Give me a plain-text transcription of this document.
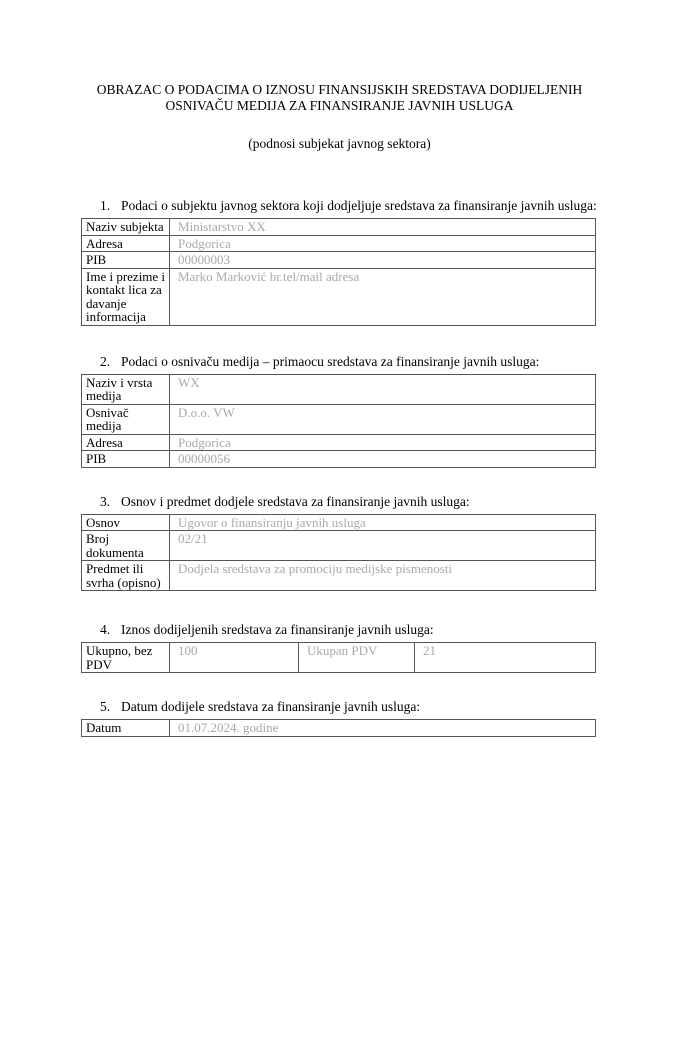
OBRAZAC O PODACIMA O IZNOSU FINANSIJSKIH SREDSTAVA DODIJELJENIH
OSNIVAČU MEDIJA ZA FINANSIRANJE JAVNIH USLUGA

(podnosi subjekat javnog sektora)

1. Podaci o subjektu javnog sektora koji dodjeljuje sredstava za finansiranje javnih usluga:
Naziv subjekta	Ministarstvo XX
Adresa	Podgorica
PIB	00000003
Ime i prezime i kontakt lica za davanje informacija	Marko Marković br.tel/mail adresa
2. Podaci o osnivaču medija – primaocu sredstava za finansiranje javnih usluga:
Naziv i vrsta medija	WX
Osnivač medija	D.o.o. VW
Adresa	Podgorica
PIB	00000056
3. Osnov i predmet dodjele sredstava za finansiranje javnih usluga:
Osnov	Ugovor o finansiranju javnih usluga
Broj dokumenta	02/21
Predmet ili svrha (opisno)	Dodjela sredstava za promociju medijske pismenosti
4. Iznos dodijeljenih sredstava za finansiranje javnih usluga:
Ukupno, bez PDV	100	Ukupan PDV	21
5. Datum dodijele sredstava za finansiranje javnih usluga:
Datum	01.07.2024. godine
